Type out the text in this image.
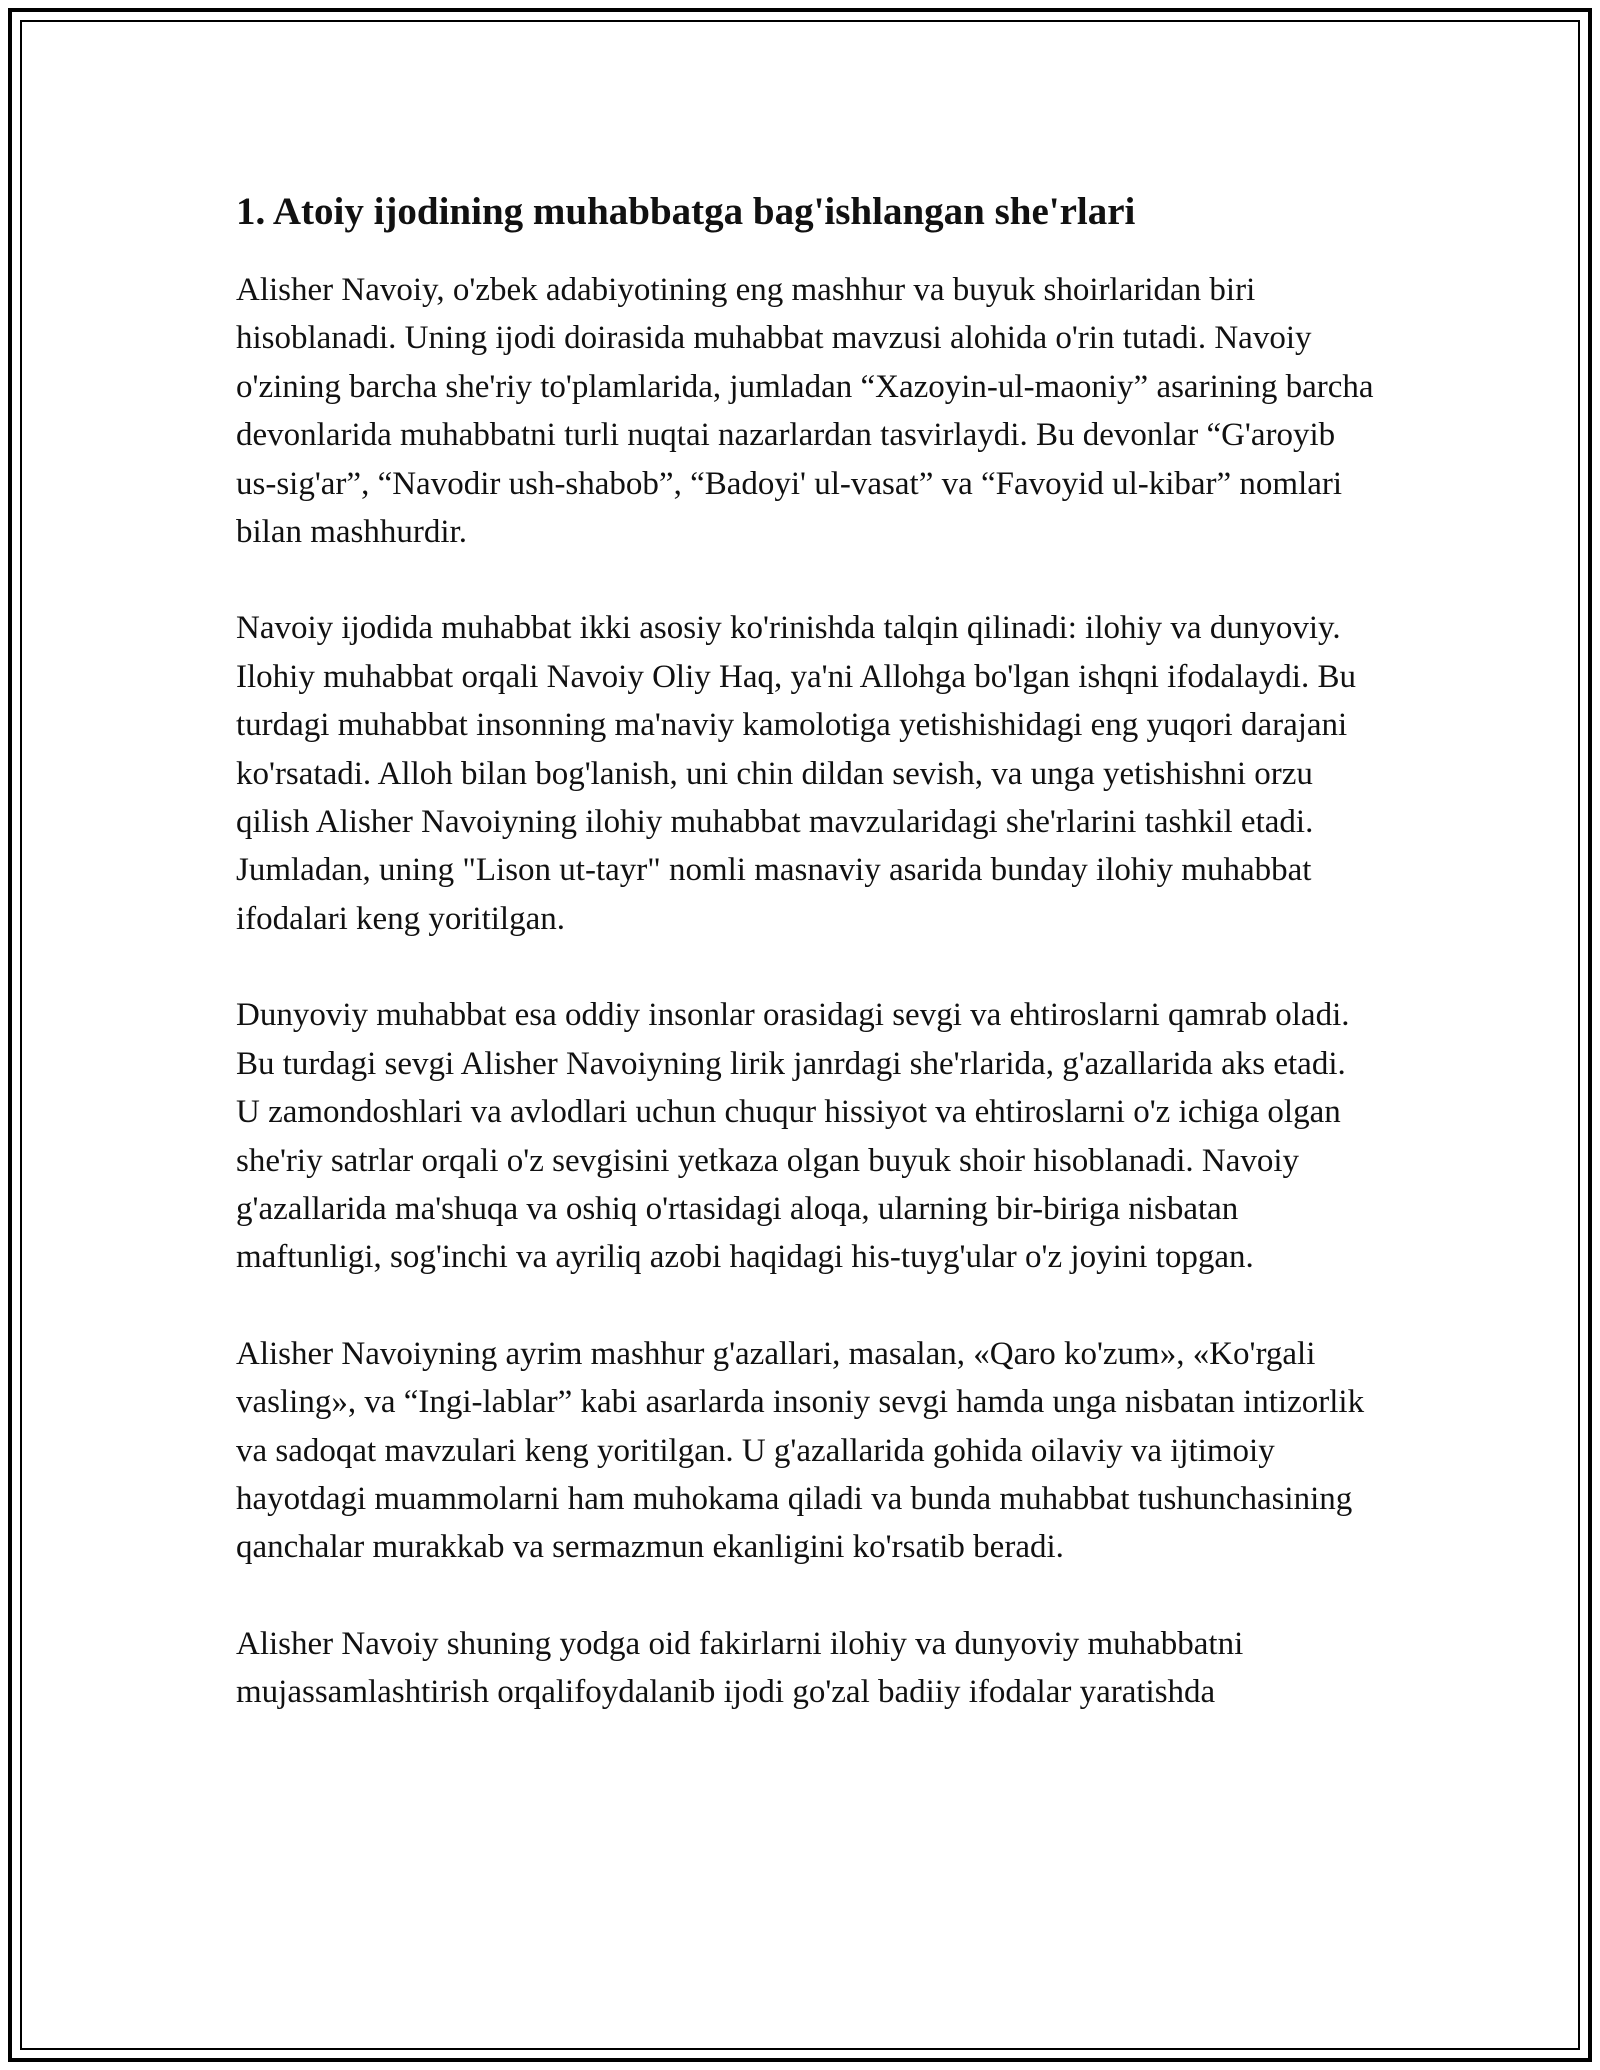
1. Atoiy ijodining muhabbatga bag'ishlangan she'rlari

Alisher Navoiy, o'zbek adabiyotining eng mashhur va buyuk shoirlaridan biri hisoblanadi. Uning ijodi doirasida muhabbat mavzusi alohida o'rin tutadi. Navoiy o'zining barcha she'riy to'plamlarida, jumladan “Xazoyin-ul-maoniy” asarining barcha devonlarida muhabbatni turli nuqtai nazarlardan tasvirlaydi. Bu devonlar “G'aroyib us-sig'ar”, “Navodir ush-shabob”, “Badoyi' ul-vasat” va “Favoyid ul-kibar” nomlari bilan mashhurdir.

Navoiy ijodida muhabbat ikki asosiy ko'rinishda talqin qilinadi: ilohiy va dunyoviy. Ilohiy muhabbat orqali Navoiy Oliy Haq, ya'ni Allohga bo'lgan ishqni ifodalaydi. Bu turdagi muhabbat insonning ma'naviy kamolotiga yetishishidagi eng yuqori darajani ko'rsatadi. Alloh bilan bog'lanish, uni chin dildan sevish, va unga yetishishni orzu qilish Alisher Navoiyning ilohiy muhabbat mavzularidagi she'rlarini tashkil etadi. Jumladan, uning "Lison ut-tayr" nomli masnaviy asarida bunday ilohiy muhabbat ifodalari keng yoritilgan.

Dunyoviy muhabbat esa oddiy insonlar orasidagi sevgi va ehtiroslarni qamrab oladi. Bu turdagi sevgi Alisher Navoiyning lirik janrdagi she'rlarida, g'azallarida aks etadi. U zamondoshlari va avlodlari uchun chuqur hissiyot va ehtiroslarni o'z ichiga olgan she'riy satrlar orqali o'z sevgisini yetkaza olgan buyuk shoir hisoblanadi. Navoiy g'azallarida ma'shuqa va oshiq o'rtasidagi aloqa, ularning bir-biriga nisbatan maftunligi, sog'inchi va ayriliq azobi haqidagi his-tuyg'ular o'z joyini topgan.

Alisher Navoiyning ayrim mashhur g'azallari, masalan, «Qaro ko'zum», «Ko'rgali vasling», va “Ingi-lablar” kabi asarlarda insoniy sevgi hamda unga nisbatan intizorlik va sadoqat mavzulari keng yoritilgan. U g'azallarida gohida oilaviy va ijtimoiy hayotdagi muammolarni ham muhokama qiladi va bunda muhabbat tushunchasining qanchalar murakkab va sermazmun ekanligini ko'rsatib beradi.

Alisher Navoiy shuning yodga oid fakirlarni ilohiy va dunyoviy muhabbatni mujassamlashtirish orqalifoydalanib ijodi go'zal badiiy ifodalar yaratishda
